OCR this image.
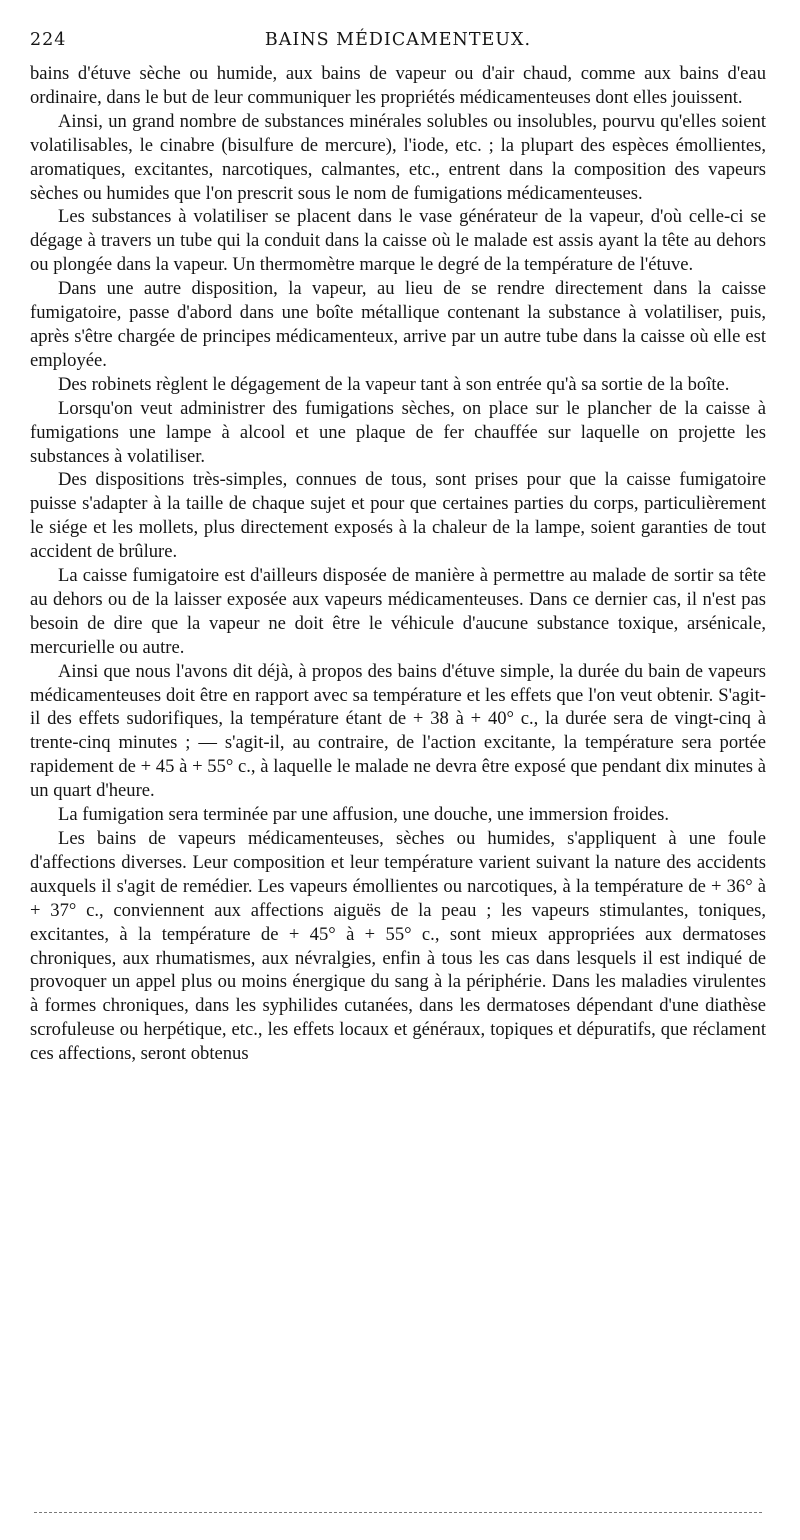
224	BAINS MÉDICAMENTEUX.

bains d'étuve sèche ou humide, aux bains de vapeur ou d'air chaud, comme aux bains d'eau ordinaire, dans le but de leur communiquer les propriétés médicamenteuses dont elles jouissent.

Ainsi, un grand nombre de substances minérales solubles ou insolubles, pourvu qu'elles soient volatilisables, le cinabre (bisulfure de mercure), l'iode, etc. ; la plupart des espèces émollientes, aromatiques, excitantes, narcotiques, calmantes, etc., entrent dans la composition des vapeurs sèches ou humides que l'on prescrit sous le nom de fumigations médicamenteuses.

Les substances à volatiliser se placent dans le vase générateur de la vapeur, d'où celle-ci se dégage à travers un tube qui la conduit dans la caisse où le malade est assis ayant la tête au dehors ou plongée dans la vapeur. Un thermomètre marque le degré de la température de l'étuve.

Dans une autre disposition, la vapeur, au lieu de se rendre directement dans la caisse fumigatoire, passe d'abord dans une boîte métallique contenant la substance à volatiliser, puis, après s'être chargée de principes médicamenteux, arrive par un autre tube dans la caisse où elle est employée.

Des robinets règlent le dégagement de la vapeur tant à son entrée qu'à sa sortie de la boîte.

Lorsqu'on veut administrer des fumigations sèches, on place sur le plancher de la caisse à fumigations une lampe à alcool et une plaque de fer chauffée sur laquelle on projette les substances à volatiliser.

Des dispositions très-simples, connues de tous, sont prises pour que la caisse fumigatoire puisse s'adapter à la taille de chaque sujet et pour que certaines parties du corps, particulièrement le siége et les mollets, plus directement exposés à la chaleur de la lampe, soient garanties de tout accident de brûlure.

La caisse fumigatoire est d'ailleurs disposée de manière à permettre au malade de sortir sa tête au dehors ou de la laisser exposée aux vapeurs médicamenteuses. Dans ce dernier cas, il n'est pas besoin de dire que la vapeur ne doit être le véhicule d'aucune substance toxique, arsénicale, mercurielle ou autre.

Ainsi que nous l'avons dit déjà, à propos des bains d'étuve simple, la durée du bain de vapeurs médicamenteuses doit être en rapport avec sa température et les effets que l'on veut obtenir. S'agit-il des effets sudorifiques, la température étant de + 38 à + 40° c., la durée sera de vingt-cinq à trente-cinq minutes ; — s'agit-il, au contraire, de l'action excitante, la température sera portée rapidement de + 45 à + 55° c., à laquelle le malade ne devra être exposé que pendant dix minutes à un quart d'heure.

La fumigation sera terminée par une affusion, une douche, une immersion froides.

Les bains de vapeurs médicamenteuses, sèches ou humides, s'appliquent à une foule d'affections diverses. Leur composition et leur température varient suivant la nature des accidents auxquels il s'agit de remédier. Les vapeurs émollientes ou narcotiques, à la température de + 36° à + 37° c., conviennent aux affections aiguës de la peau ; les vapeurs stimulantes, toniques, excitantes, à la température de + 45° à + 55° c., sont mieux appropriées aux dermatoses chroniques, aux rhumatismes, aux névralgies, enfin à tous les cas dans lesquels il est indiqué de provoquer un appel plus ou moins énergique du sang à la périphérie. Dans les maladies virulentes à formes chroniques, dans les syphilides cutanées, dans les dermatoses dépendant d'une diathèse scrofuleuse ou herpétique, etc., les effets locaux et généraux, topiques et dépuratifs, que réclament ces affections, seront obtenus
